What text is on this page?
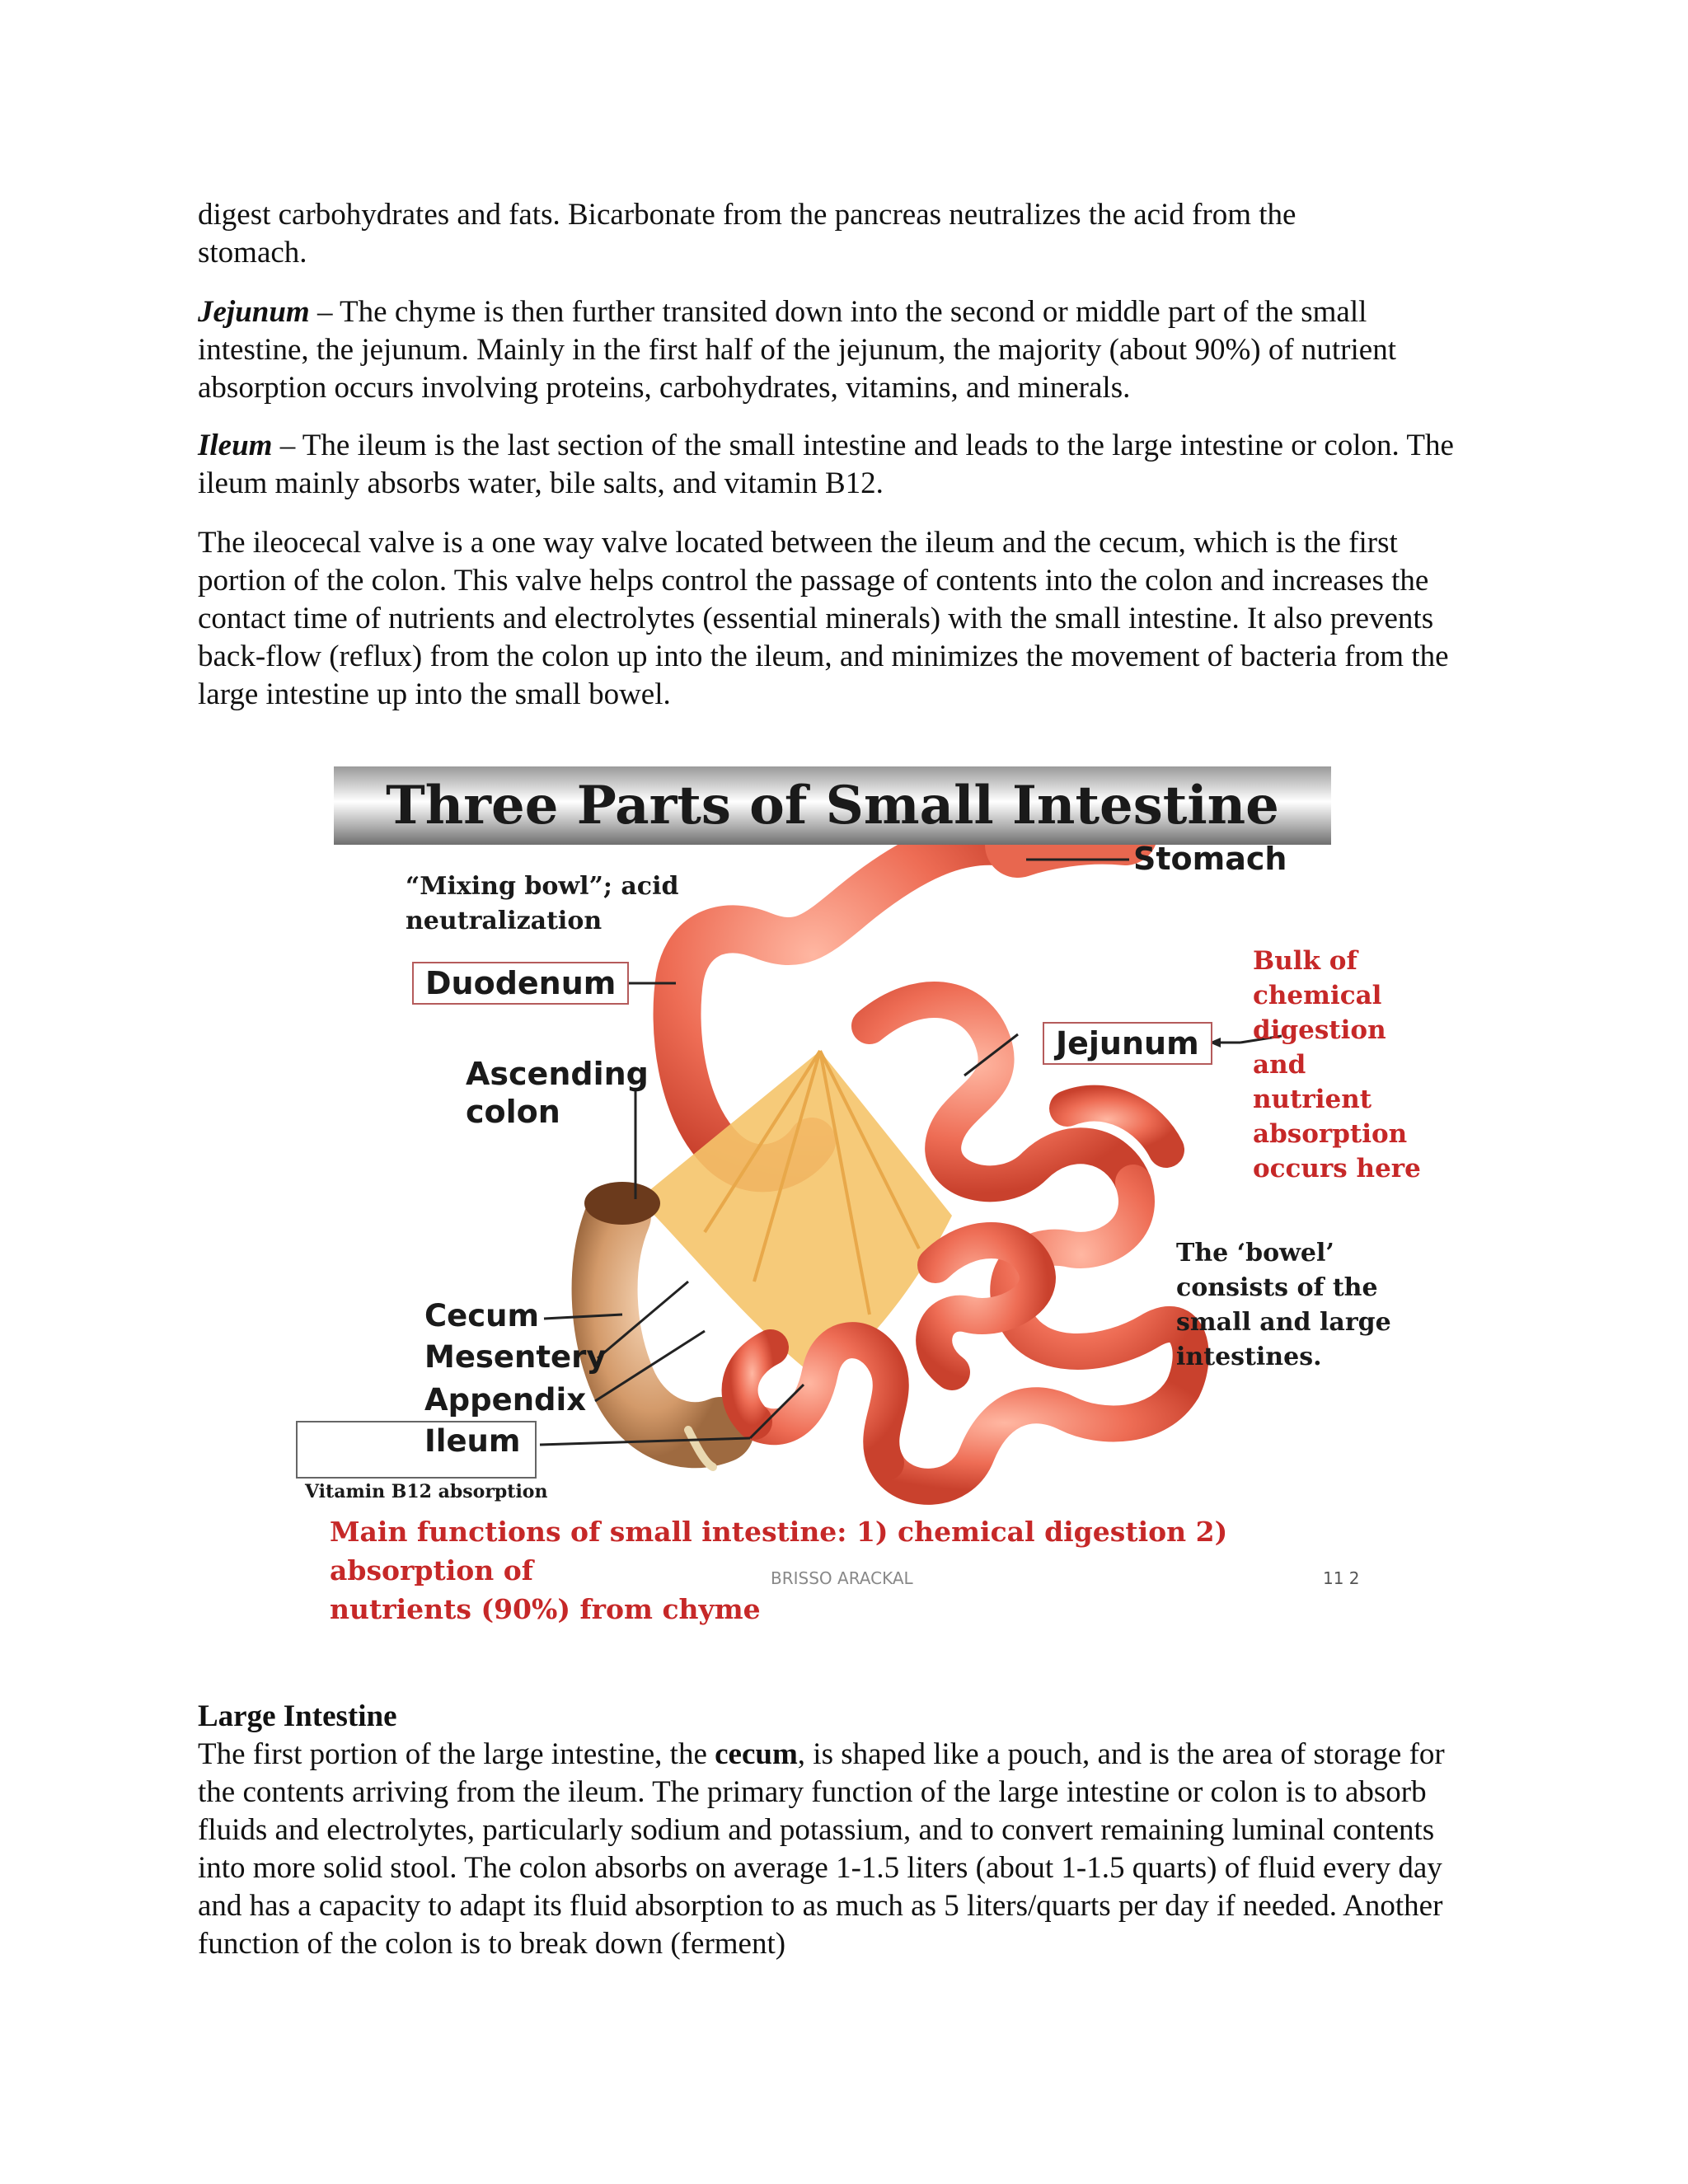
digest carbohydrates and fats. Bicarbonate from the pancreas neutralizes the acid from the

stomach.

Jejunum – The chyme is then further transited down into the second or middle part of the small intestine, the jejunum. Mainly in the first half of the jejunum, the majority (about 90%) of nutrient absorption occurs involving proteins, carbohydrates, vitamins, and minerals.

Ileum – The ileum is the last section of the small intestine and leads to the large intestine or colon. The ileum mainly absorbs water, bile salts, and vitamin B12.

The ileocecal valve is a one way valve located between the ileum and the cecum, which is the first portion of the colon. This valve helps control the passage of contents into the colon and increases the contact time of nutrients and electrolytes (essential minerals) with the small intestine. It also prevents back-flow (reflux) from the colon up into the ileum, and minimizes the movement of bacteria from the large intestine up into the small bowel.

Three Parts of Small Intestine
“Mixing bowl”; acid
neutralization
Duodenum
Stomach
Jejunum
Ascending
colon
Bulk of
chemical
digestion
and
nutrient
absorption
occurs here
The ‘bowel’
consists of the
small and large
intestines.
Cecum
Mesentery
Appendix
Ileum
Vitamin B12 absorption
Main functions of small intestine: 1) chemical digestion 2) absorption of
nutrients (90%) from chyme
BRISSO ARACKAL	11 2

Large Intestine

The first portion of the large intestine, the cecum, is shaped like a pouch, and is the area of storage for the contents arriving from the ileum. The primary function of the large intestine or colon is to absorb fluids and electrolytes, particularly sodium and potassium, and to convert remaining luminal contents into more solid stool. The colon absorbs on average 1-1.5 liters (about 1-1.5 quarts) of fluid every day and has a capacity to adapt its fluid absorption to as much as 5 liters/quarts per day if needed. Another function of the colon is to break down (ferment)
